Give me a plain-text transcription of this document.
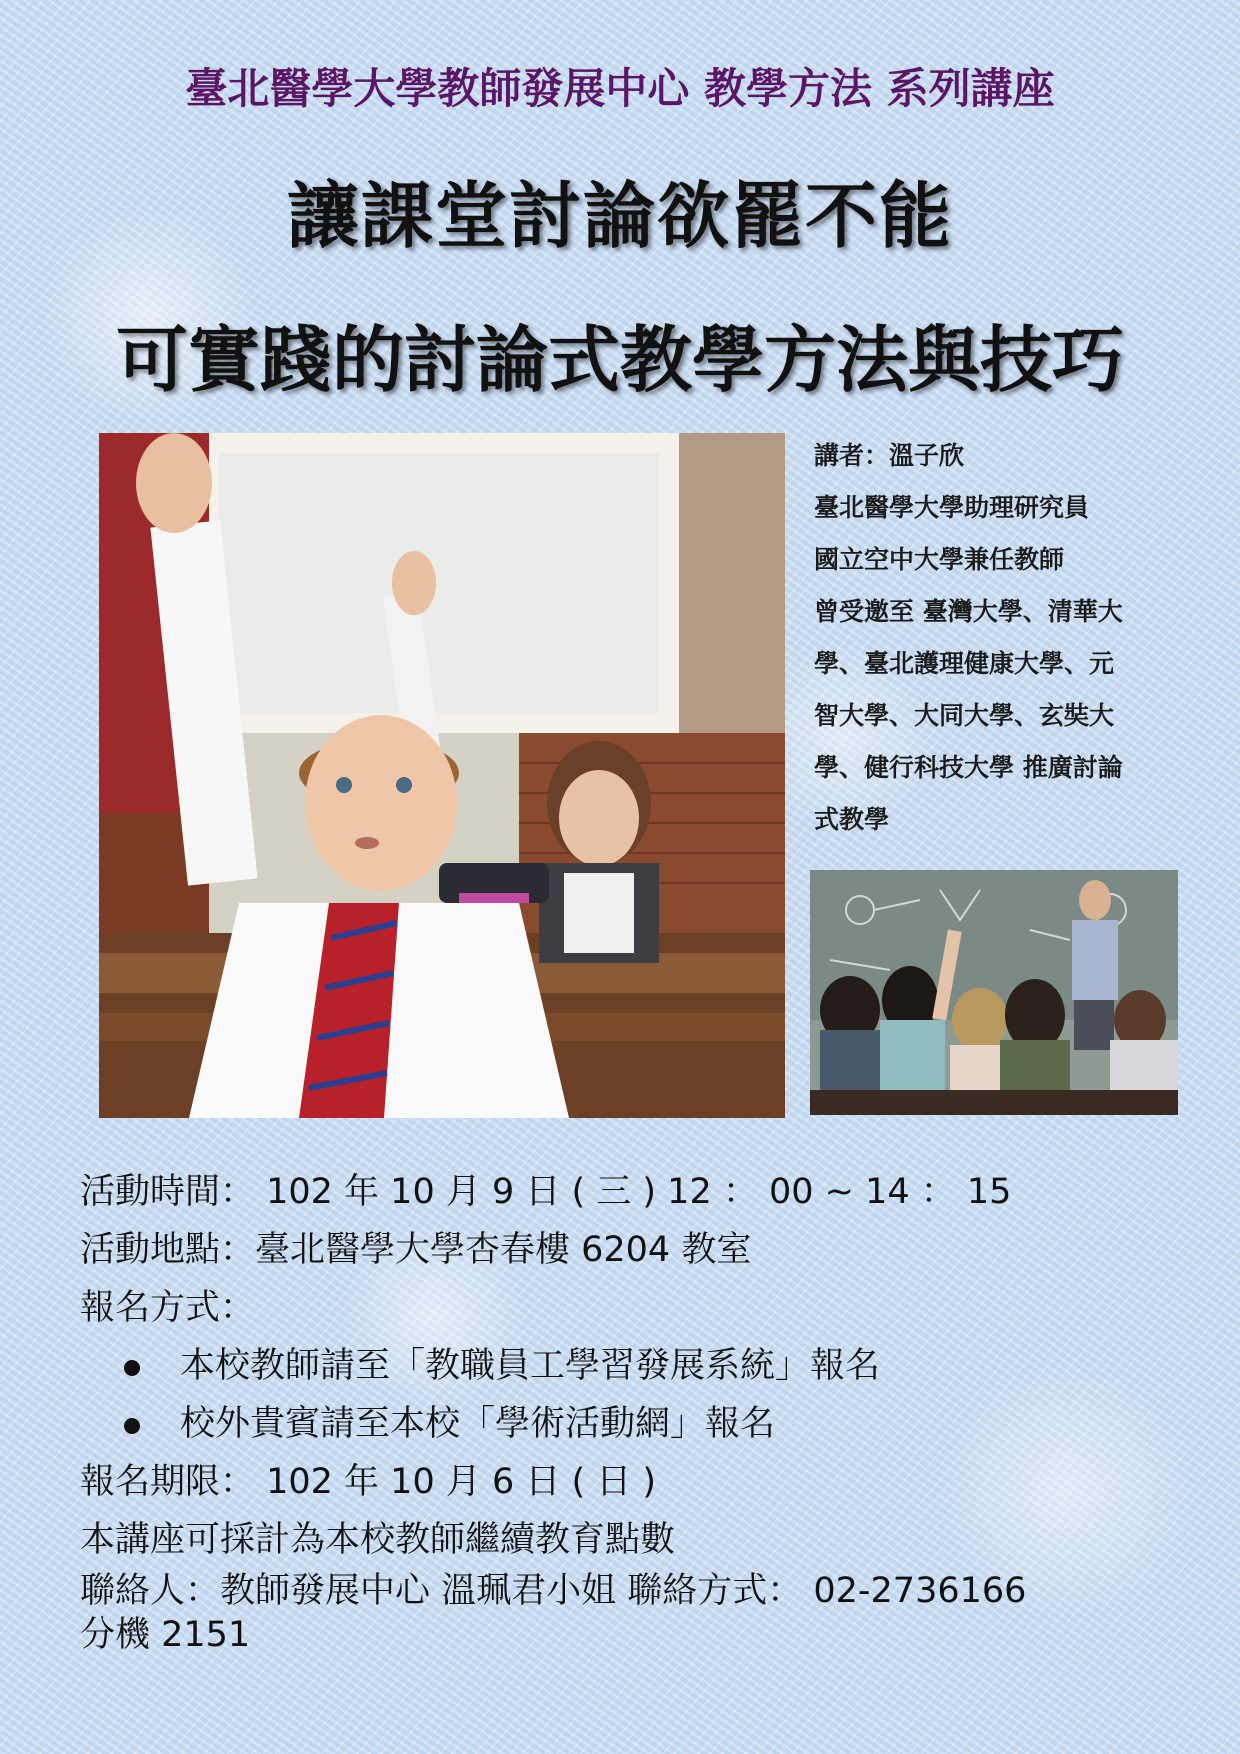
臺北醫學大學教師發展中心 教學方法 系列講座
讓課堂討論欲罷不能
可實踐的討論式教學方法與技巧
講者：溫子欣
臺北醫學大學助理研究員
國立空中大學兼任教師
曾受邀至 臺灣大學、清華大
學、臺北護理健康大學、元
智大學、大同大學、玄奘大
學、健行科技大學 推廣討論
式教學
活動時間： 102 年 10 月 9 日 ( 三 ) 12 ： 00 ~ 14 ： 15
活動地點：臺北醫學大學杏春樓 6204 教室
報名方式：
本校教師請至「教職員工學習發展系統」報名
校外貴賓請至本校「學術活動網」報名
報名期限： 102 年 10 月 6 日 ( 日 )
本講座可採計為本校教師繼續教育點數
聯絡人：教師發展中心 溫珮君小姐 聯絡方式： 02-2736166
分機 2151
